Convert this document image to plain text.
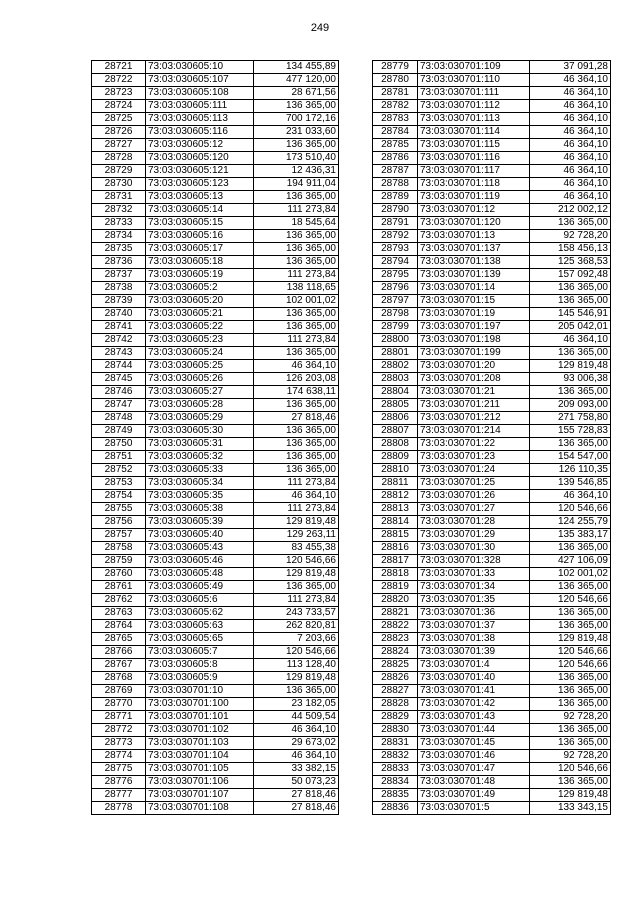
249
28721	73:03:030605:10	134 455,89
28722	73:03:030605:107	477 120,00
28723	73:03:030605:108	28 671,56
28724	73:03:030605:111	136 365,00
28725	73:03:030605:113	700 172,16
28726	73:03:030605:116	231 033,60
28727	73:03:030605:12	136 365,00
28728	73:03:030605:120	173 510,40
28729	73:03:030605:121	12 436,31
28730	73:03:030605:123	194 911,04
28731	73:03:030605:13	136 365,00
28732	73:03:030605:14	111 273,84
28733	73:03:030605:15	18 545,64
28734	73:03:030605:16	136 365,00
28735	73:03:030605:17	136 365,00
28736	73:03:030605:18	136 365,00
28737	73:03:030605:19	111 273,84
28738	73:03:030605:2	138 118,65
28739	73:03:030605:20	102 001,02
28740	73:03:030605:21	136 365,00
28741	73:03:030605:22	136 365,00
28742	73:03:030605:23	111 273,84
28743	73:03:030605:24	136 365,00
28744	73:03:030605:25	46 364,10
28745	73:03:030605:26	126 203,08
28746	73:03:030605:27	174 638,11
28747	73:03:030605:28	136 365,00
28748	73:03:030605:29	27 818,46
28749	73:03:030605:30	136 365,00
28750	73:03:030605:31	136 365,00
28751	73:03:030605:32	136 365,00
28752	73:03:030605:33	136 365,00
28753	73:03:030605:34	111 273,84
28754	73:03:030605:35	46 364,10
28755	73:03:030605:38	111 273,84
28756	73:03:030605:39	129 819,48
28757	73:03:030605:40	129 263,11
28758	73:03:030605:43	83 455,38
28759	73:03:030605:46	120 546,66
28760	73:03:030605:48	129 819,48
28761	73:03:030605:49	136 365,00
28762	73:03:030605:6	111 273,84
28763	73:03:030605:62	243 733,57
28764	73:03:030605:63	262 820,81
28765	73:03:030605:65	7 203,66
28766	73:03:030605:7	120 546,66
28767	73:03:030605:8	113 128,40
28768	73:03:030605:9	129 819,48
28769	73:03:030701:10	136 365,00
28770	73:03:030701:100	23 182,05
28771	73:03:030701:101	44 509,54
28772	73:03:030701:102	46 364,10
28773	73:03:030701:103	29 673,02
28774	73:03:030701:104	46 364,10
28775	73:03:030701:105	33 382,15
28776	73:03:030701:106	50 073,23
28777	73:03:030701:107	27 818,46
28778	73:03:030701:108	27 818,46
28779	73:03:030701:109	37 091,28
28780	73:03:030701:110	46 364,10
28781	73:03:030701:111	46 364,10
28782	73:03:030701:112	46 364,10
28783	73:03:030701:113	46 364,10
28784	73:03:030701:114	46 364,10
28785	73:03:030701:115	46 364,10
28786	73:03:030701:116	46 364,10
28787	73:03:030701:117	46 364,10
28788	73:03:030701:118	46 364,10
28789	73:03:030701:119	46 364,10
28790	73:03:030701:12	212 002,12
28791	73:03:030701:120	136 365,00
28792	73:03:030701:13	92 728,20
28793	73:03:030701:137	158 456,13
28794	73:03:030701:138	125 368,53
28795	73:03:030701:139	157 092,48
28796	73:03:030701:14	136 365,00
28797	73:03:030701:15	136 365,00
28798	73:03:030701:19	145 546,91
28799	73:03:030701:197	205 042,01
28800	73:03:030701:198	46 364,10
28801	73:03:030701:199	136 365,00
28802	73:03:030701:20	129 819,48
28803	73:03:030701:208	93 006,38
28804	73:03:030701:21	136 365,00
28805	73:03:030701:211	209 093,00
28806	73:03:030701:212	271 758,80
28807	73:03:030701:214	155 728,83
28808	73:03:030701:22	136 365,00
28809	73:03:030701:23	154 547,00
28810	73:03:030701:24	126 110,35
28811	73:03:030701:25	139 546,85
28812	73:03:030701:26	46 364,10
28813	73:03:030701:27	120 546,66
28814	73:03:030701:28	124 255,79
28815	73:03:030701:29	135 383,17
28816	73:03:030701:30	136 365,00
28817	73:03:030701:328	427 106,09
28818	73:03:030701:33	102 001,02
28819	73:03:030701:34	136 365,00
28820	73:03:030701:35	120 546,66
28821	73:03:030701:36	136 365,00
28822	73:03:030701:37	136 365,00
28823	73:03:030701:38	129 819,48
28824	73:03:030701:39	120 546,66
28825	73:03:030701:4	120 546,66
28826	73:03:030701:40	136 365,00
28827	73:03:030701:41	136 365,00
28828	73:03:030701:42	136 365,00
28829	73:03:030701:43	92 728,20
28830	73:03:030701:44	136 365,00
28831	73:03:030701:45	136 365,00
28832	73:03:030701:46	92 728,20
28833	73:03:030701:47	120 546,66
28834	73:03:030701:48	136 365,00
28835	73:03:030701:49	129 819,48
28836	73:03:030701:5	133 343,15
